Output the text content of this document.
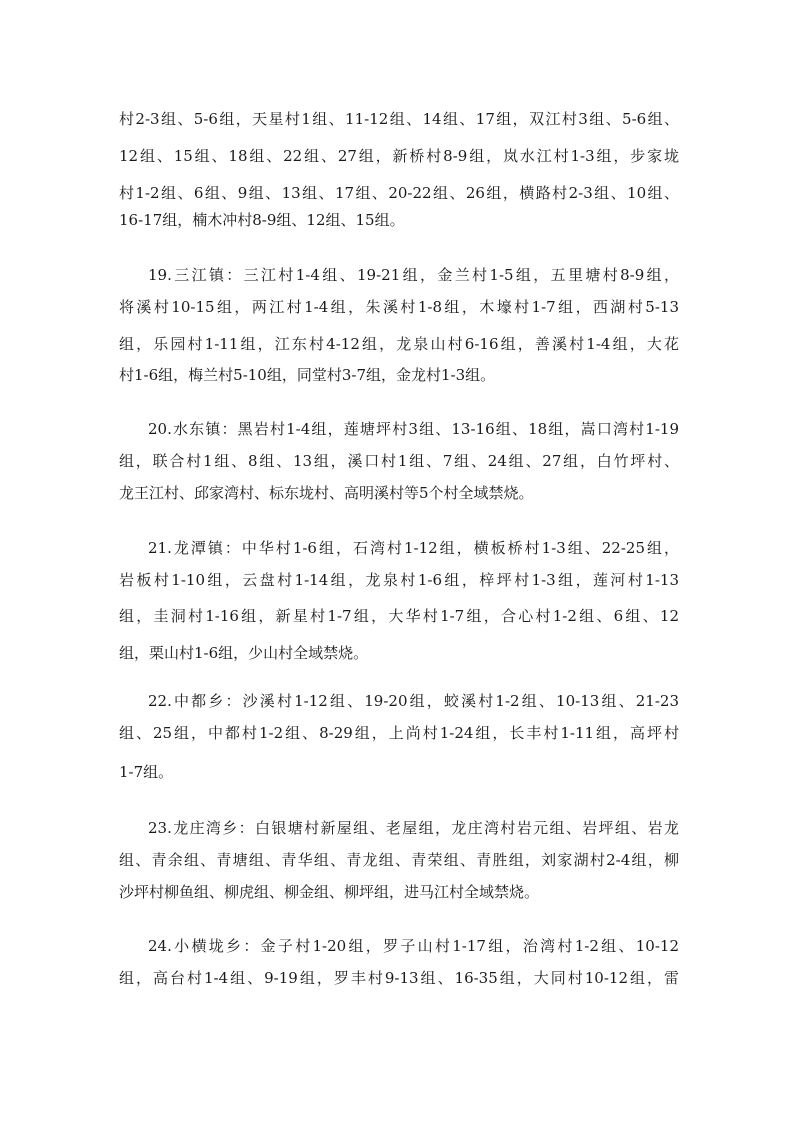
村2-3组、5-6组，天星村1组、11-12组、14组、17组，双江村3组、5-6组、
12组、15组、18组、22组、27组，新桥村8-9组，岚水江村1-3组，步家垅
村1-2组、6组、9组、13组、17组、20-22组、26组，横路村2-3组、10组、
16-17组，楠木冲村8-9组、12组、15组。
19.三江镇：三江村1-4组、19-21组，金兰村1-5组，五里塘村8-9组，
将溪村10-15组，两江村1-4组，朱溪村1-8组，木壕村1-7组，西湖村5-13
组，乐园村1-11组，江东村4-12组，龙泉山村6-16组，善溪村1-4组，大花
村1-6组，梅兰村5-10组，同堂村3-7组，金龙村1-3组。
20.水东镇：黑岩村1-4组，莲塘坪村3组、13-16组、18组，嵩口湾村1-19
组，联合村1组、8组、13组，溪口村1组、7组、24组、27组，白竹坪村、
龙王江村、邱家湾村、标东垅村、高明溪村等5个村全域禁烧。
21.龙潭镇：中华村1-6组，石湾村1-12组，横板桥村1-3组、22-25组，
岩板村1-10组，云盘村1-14组，龙泉村1-6组，梓坪村1-3组，莲河村1-13
组，圭洞村1-16组，新星村1-7组，大华村1-7组，合心村1-2组、6组、12
组，栗山村1-6组，少山村全域禁烧。
22.中都乡：沙溪村1-12组、19-20组，蛟溪村1-2组、10-13组、21-23
组、25组，中都村1-2组、8-29组，上尚村1-24组，长丰村1-11组，高坪村
1-7组。
23.龙庄湾乡：白银塘村新屋组、老屋组，龙庄湾村岩元组、岩坪组、岩龙
组、青余组、青塘组、青华组、青龙组、青荣组、青胜组，刘家湖村2-4组，柳
沙坪村柳鱼组、柳虎组、柳金组、柳坪组，进马江村全域禁烧。
24.小横垅乡：金子村1-20组，罗子山村1-17组，治湾村1-2组、10-12
组，高台村1-4组、9-19组，罗丰村9-13组、16-35组，大同村10-12组，雷
